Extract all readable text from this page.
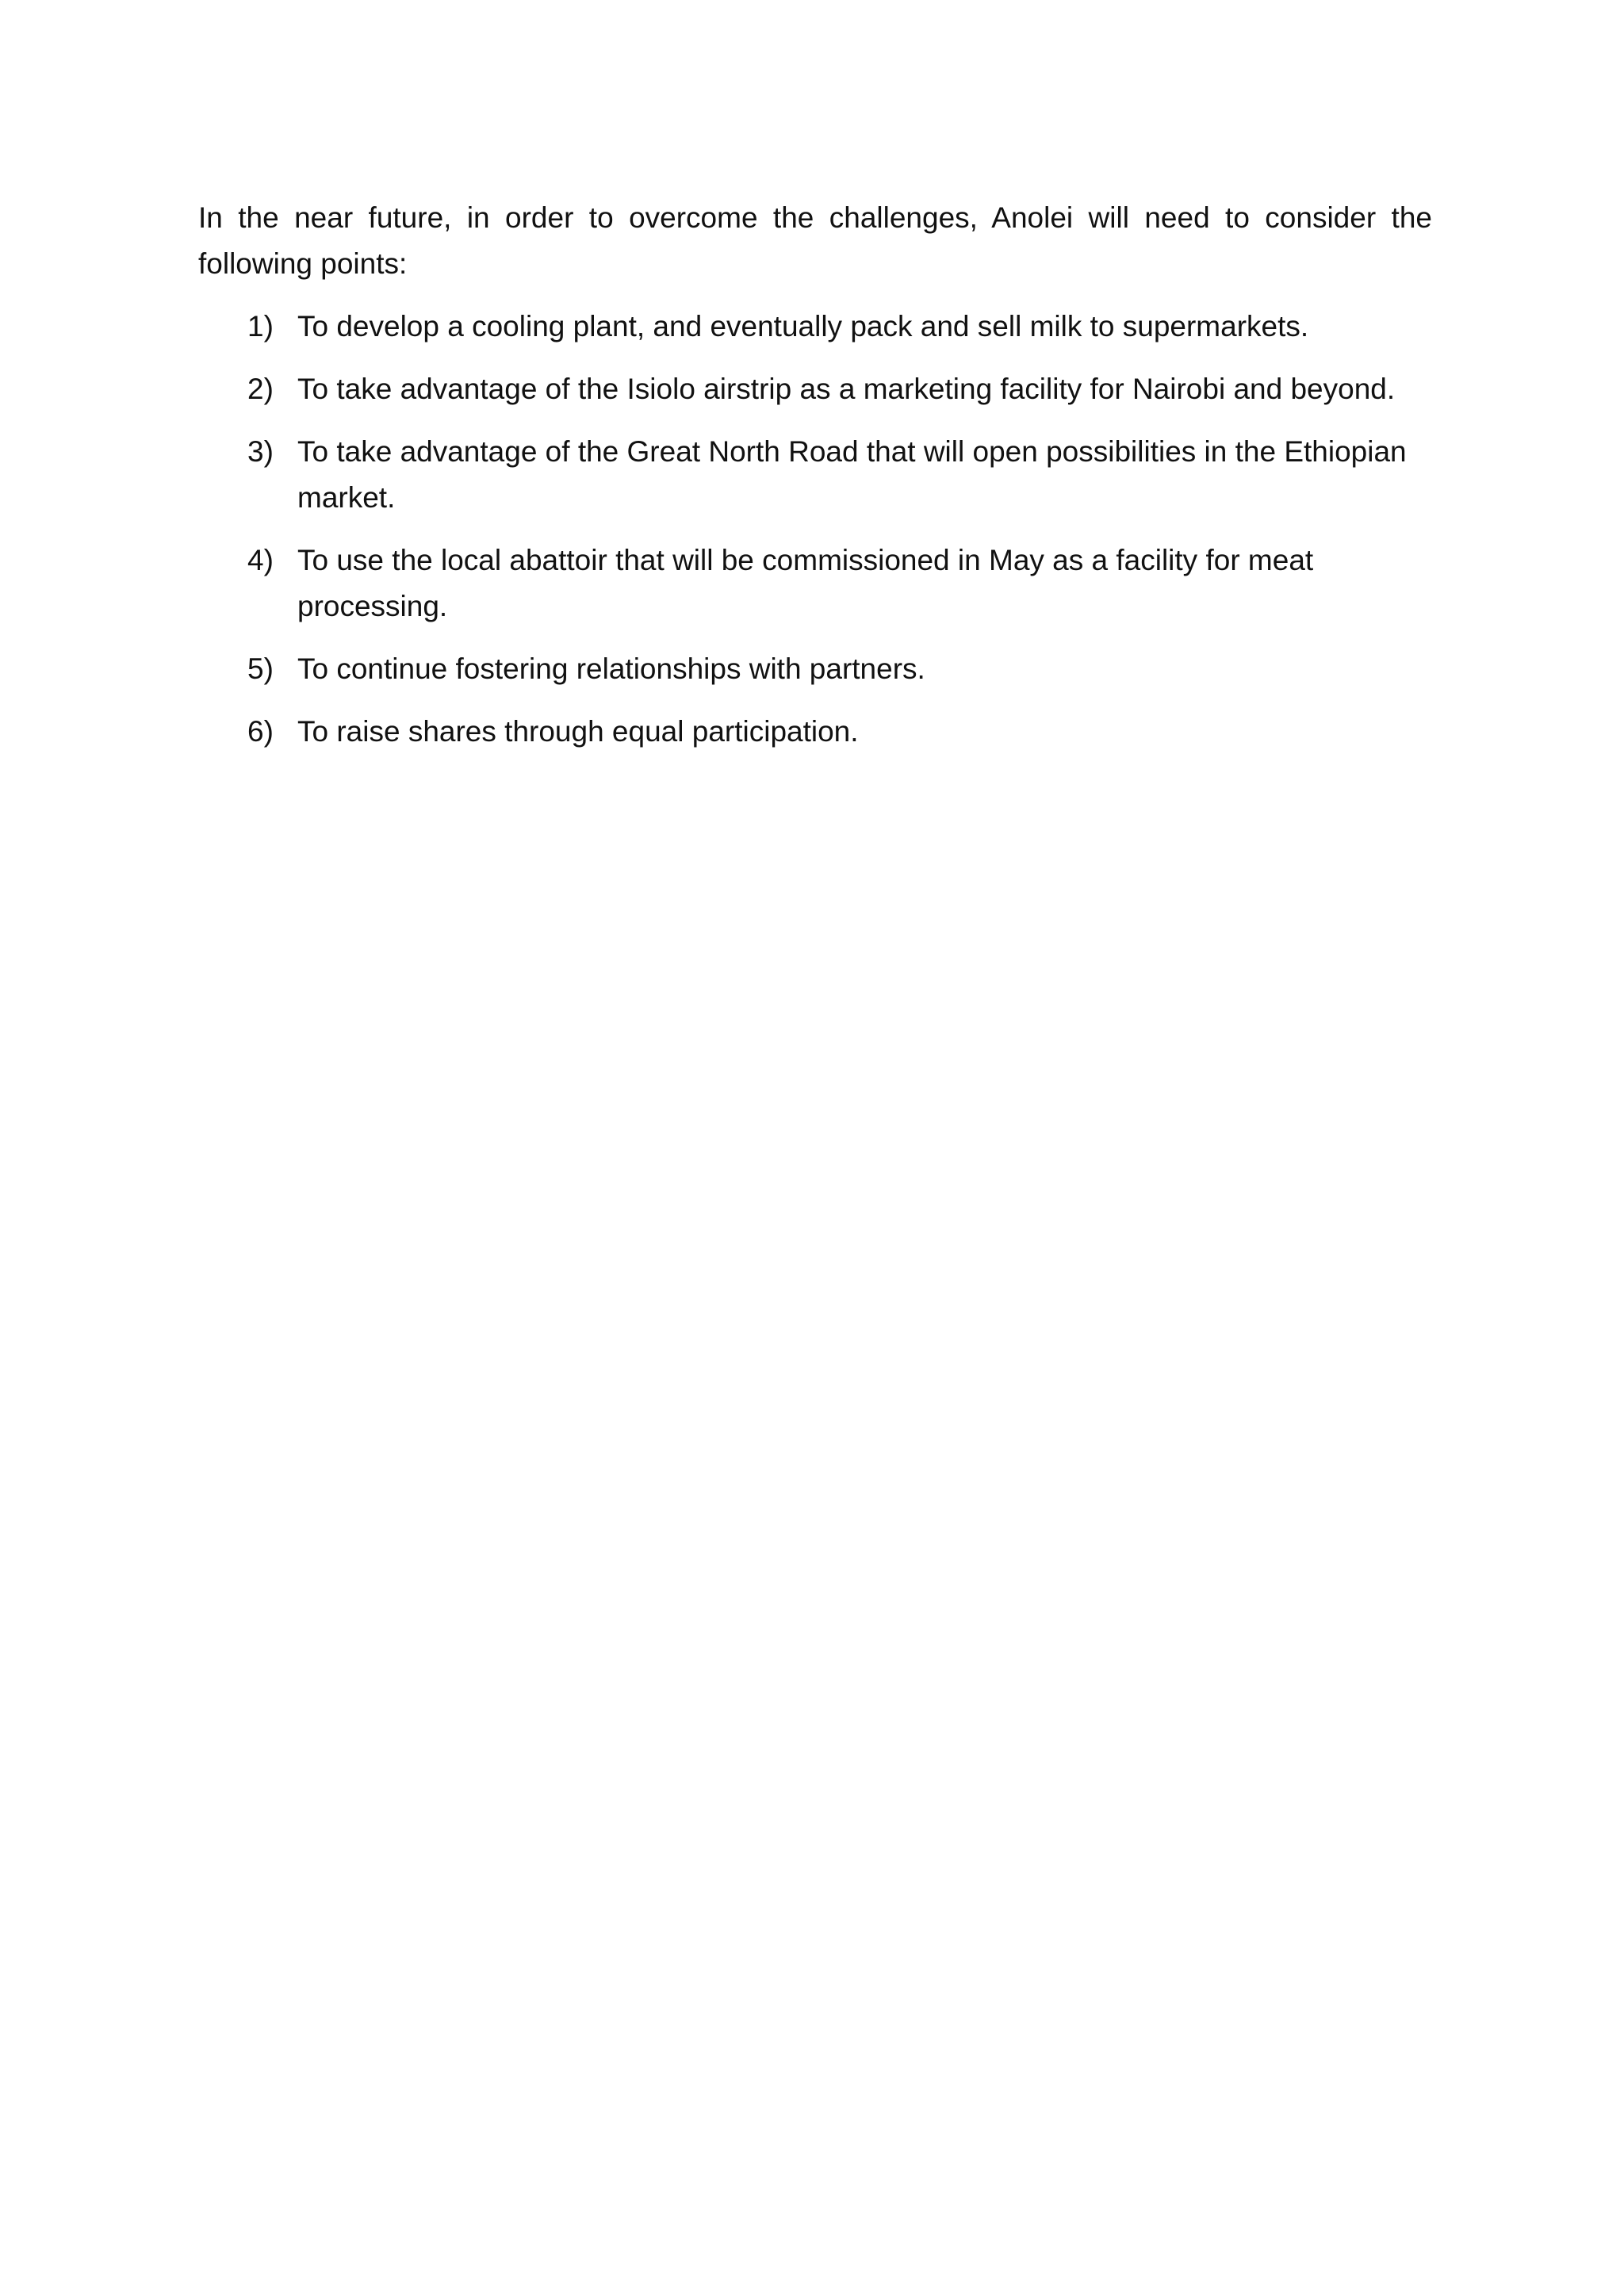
In the near future, in order to overcome the challenges, Anolei will need to consider the following points:

1) To develop a cooling plant, and eventually pack and sell milk to supermarkets.
2) To take advantage of the Isiolo airstrip as a marketing facility for Nairobi and beyond.
3) To take advantage of the Great North Road that will open possibilities in the Ethiopian market.
4) To use the local abattoir that will be commissioned in May as a facility for meat processing.
5) To continue fostering relationships with partners.
6) To raise shares through equal participation.
